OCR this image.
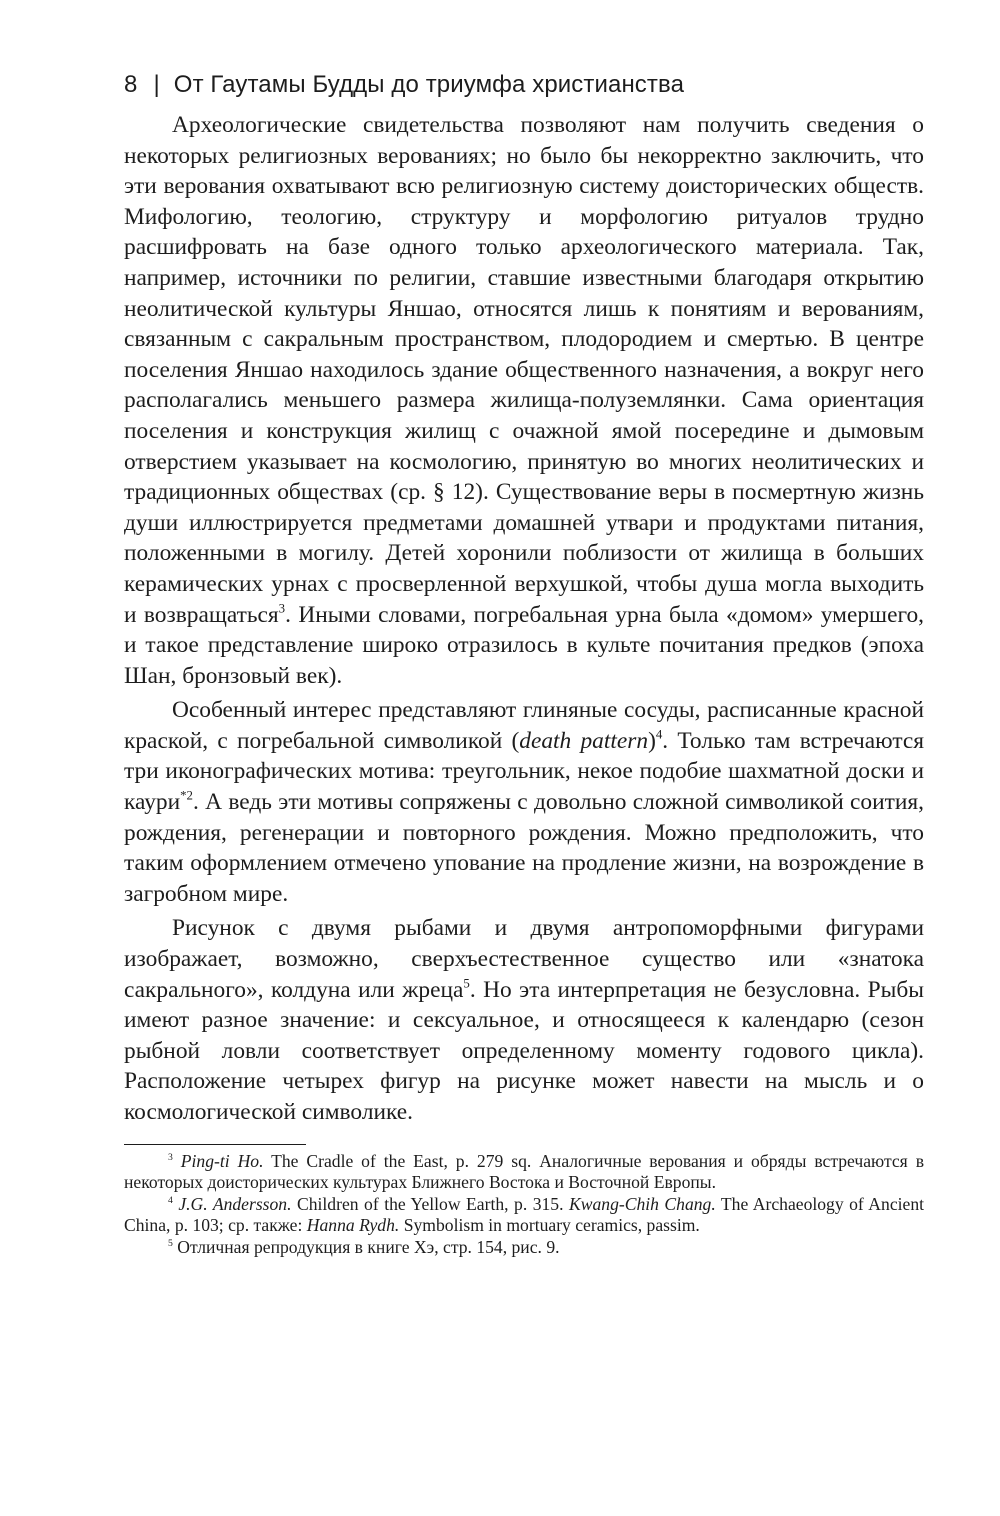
8 | От Гаутамы Будды до триумфа христианства

Археологические свидетельства позволяют нам получить сведения о некоторых религиозных верованиях; но было бы некорректно заключить, что эти верования охватывают всю религиозную систему доисторических обществ. Мифологию, теологию, структуру и морфологию ритуалов трудно расшифровать на базе одного только археологического материала. Так, например, источники по религии, ставшие известными благодаря открытию неолитической культуры Яншао, относятся лишь к понятиям и верованиям, связанным с сакральным пространством, плодородием и смертью. В центре поселения Яншао находилось здание общественного назначения, а вокруг него располагались меньшего размера жилища-полуземлянки. Сама ориентация поселения и конструкция жилищ с очажной ямой посередине и дымовым отверстием указывает на космологию, принятую во многих неолитических и традиционных обществах (ср. § 12). Существование веры в посмертную жизнь души иллюстрируется предметами домашней утвари и продуктами питания, положенными в могилу. Детей хоронили поблизости от жилища в больших керамических урнах с просверленной верхушкой, чтобы душа могла выходить и возвращаться$^3$. Иными словами, погребальная урна была «домом» умершего, и такое представление широко отразилось в культе почитания предков (эпоха Шан, бронзовый век).

Особенный интерес представляют глиняные сосуды, расписанные красной краской, с погребальной символикой (death pattern)$^4$. Только там встречаются три иконографических мотива: треугольник, некое подобие шахматной доски и каури$^{*2}$. А ведь эти мотивы сопряжены с довольно сложной символикой соития, рождения, регенерации и повторного рождения. Можно предположить, что таким оформлением отмечено упование на продление жизни, на возрождение в загробном мире.

Рисунок с двумя рыбами и двумя антропоморфными фигурами изображает, возможно, сверхъестественное существо или «знатока сакрального», колдуна или жреца$^5$. Но эта интерпретация не безусловна. Рыбы имеют разное значение: и сексуальное, и относящееся к календарю (сезон рыбной ловли соответствует определенному моменту годового цикла). Расположение четырех фигур на рисунке может навести на мысль и о космологической символике.

$^3$ Ping-ti Ho. The Cradle of the East, p. 279 sq. Аналогичные верования и обряды встречаются в некоторых доисторических культурах Ближнего Востока и Восточной Европы.

$^4$ J.G. Andersson. Children of the Yellow Earth, p. 315. Kwang-Chih Chang. The Archaeology of Ancient China, p. 103; ср. также: Hanna Rydh. Symbolism in mortuary ceramics, passim.

$^5$ Отличная репродукция в книге Хэ, стр. 154, рис. 9.
